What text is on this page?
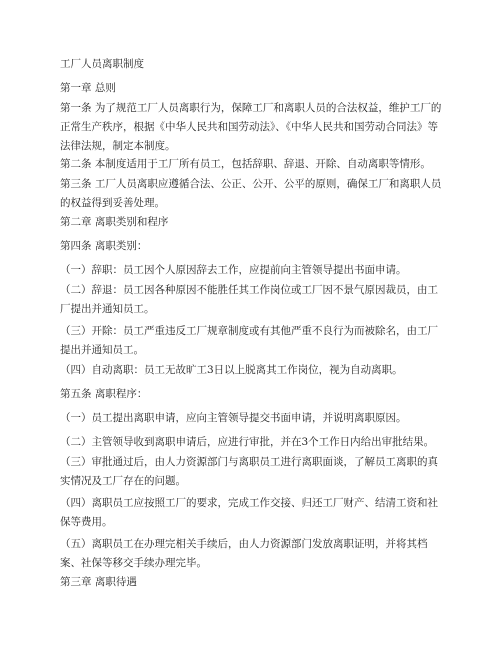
工厂人员离职制度
第一章 总则
第一条 为了规范工厂人员离职行为，保障工厂和离职人员的合法权益，维护工厂的正常生产秩序，根据《中华人民共和国劳动法》、《中华人民共和国劳动合同法》等法律法规，制定本制度。
第二条 本制度适用于工厂所有员工，包括辞职、辞退、开除、自动离职等情形。
第三条 工厂人员离职应遵循合法、公正、公开、公平的原则，确保工厂和离职人员的权益得到妥善处理。
第二章 离职类别和程序
第四条 离职类别：
（一）辞职：员工因个人原因辞去工作，应提前向主管领导提出书面申请。
（二）辞退：员工因各种原因不能胜任其工作岗位或工厂因不景气原因裁员，由工厂提出并通知员工。
（三）开除：员工严重违反工厂规章制度或有其他严重不良行为而被除名，由工厂提出并通知员工。
（四）自动离职：员工无故旷工3日以上脱离其工作岗位，视为自动离职。
第五条 离职程序：
（一）员工提出离职申请，应向主管领导提交书面申请，并说明离职原因。
（二）主管领导收到离职申请后，应进行审批，并在3个工作日内给出审批结果。
（三）审批通过后，由人力资源部门与离职员工进行离职面谈，了解员工离职的真实情况及工厂存在的问题。
（四）离职员工应按照工厂的要求，完成工作交接、归还工厂财产、结清工资和社保等费用。
（五）离职员工在办理完相关手续后，由人力资源部门发放离职证明，并将其档案、社保等移交手续办理完毕。
第三章 离职待遇
